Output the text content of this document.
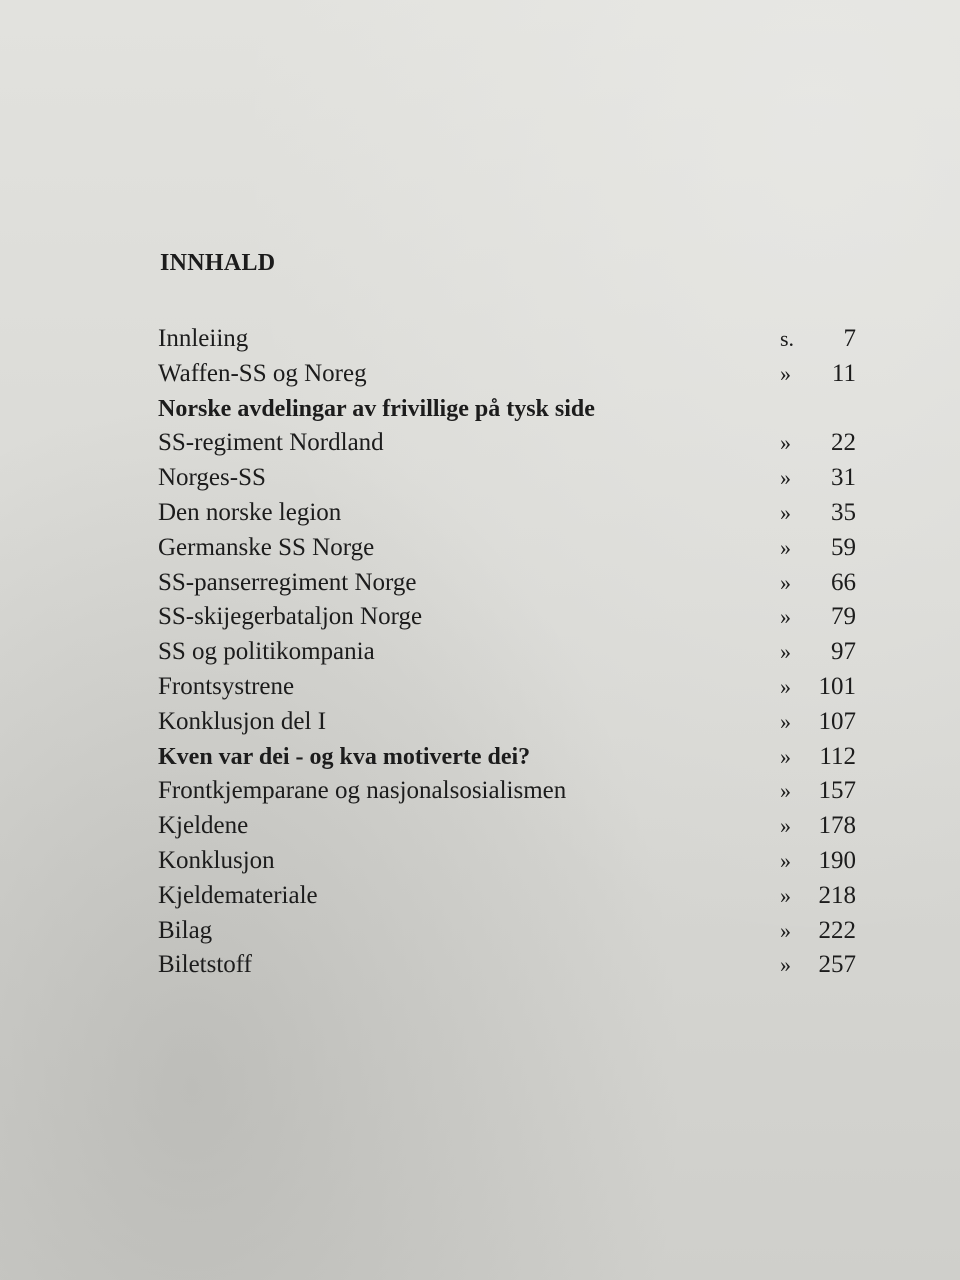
INNHALD
Innleiing	s. 7
Waffen-SS og Noreg	» 11
Norske avdelingar av frivillige på tysk side
SS-regiment Nordland	» 22
Norges-SS	» 31
Den norske legion	» 35
Germanske SS Norge	» 59
SS-panserregiment Norge	» 66
SS-skijegerbataljon Norge	» 79
SS og politikompania	» 97
Frontsystrene	» 101
Konklusjon del I	» 107
Kven var dei - og kva motiverte dei?	» 112
Frontkjemparane og nasjonalsosialismen	» 157
Kjeldene	» 178
Konklusjon	» 190
Kjeldemateriale	» 218
Bilag	» 222
Biletstoff	» 257
